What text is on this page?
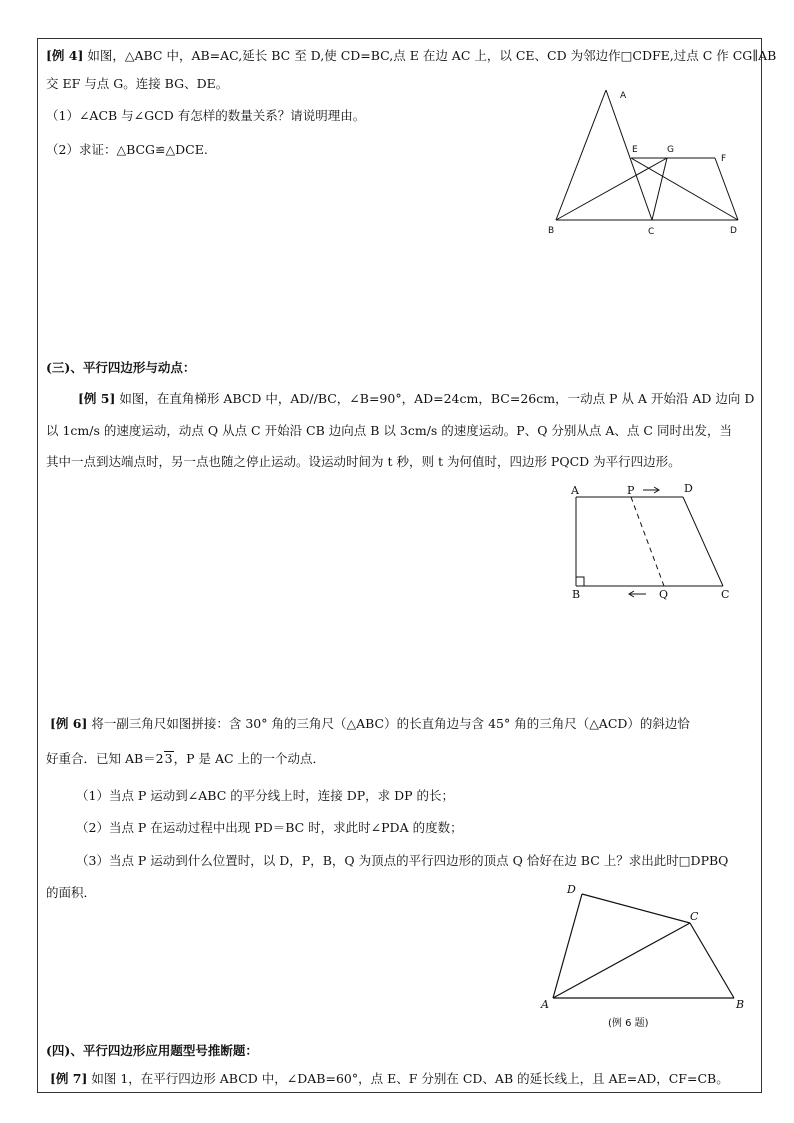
[例 4] 如图，△ABC 中，AB=AC,延长 BC 至 D,使 CD=BC,点 E 在边 AC 上，以 CE、CD 为邻边作□CDFE,过点 C 作 CG∥AB
交 EF 与点 G。连接 BG、DE。
（1）∠ACB 与∠GCD 有怎样的数量关系？请说明理由。
（2）求证：△BCG≌△DCE.
A
B	C	D
E	G
F
(三)、平行四边形与动点：
[例 5] 如图，在直角梯形 ABCD 中，AD//BC，∠B=90°，AD=24cm，BC=26cm，一动点 P 从 A 开始沿 AD 边向 D
以 1cm/s 的速度运动，动点 Q 从点 C 开始沿 CB 边向点 B 以 3cm/s 的速度运动。P、Q 分别从点 A、点 C 同时出发，当
其中一点到达端点时，另一点也随之停止运动。设运动时间为 t 秒，则 t 为何值时，四边形 PQCD 为平行四边形。
A	P	D
B	Q	C
[例 6] 将一副三角尺如图拼接：含 30° 角的三角尺（△ABC）的长直角边与含 45° 角的三角尺（△ACD）的斜边恰
好重合．已知 AB＝23，P 是 AC 上的一个动点．
（1）当点 P 运动到∠ABC 的平分线上时，连接 DP，求 DP 的长；
（2）当点 P 在运动过程中出现 PD＝BC 时，求此时∠PDA 的度数；
（3）当点 P 运动到什么位置时，以 D，P，B，Q 为顶点的平行四边形的顶点 Q 恰好在边 BC 上？求出此时□DPBQ
的面积．	D
C
A	B
(例 6 题)
(四)、平行四边形应用题型号推断题：
[例 7] 如图 1，在平行四边形 ABCD 中，∠DAB=60°，点 E、F 分别在 CD、AB 的延长线上，且 AE=AD，CF=CB。
